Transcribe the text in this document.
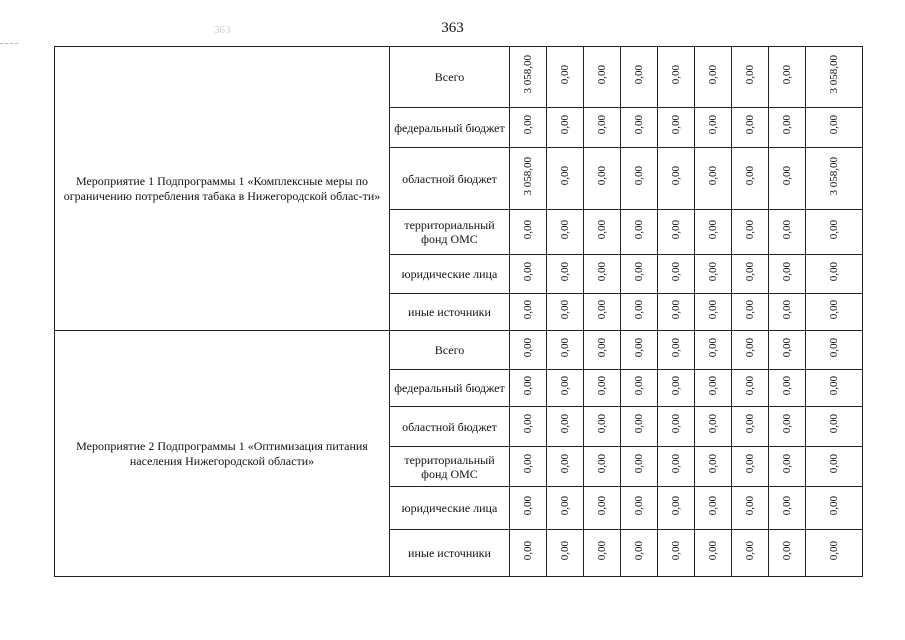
363
363
Мероприятие 1 Подпрограммы 1 «Комплексные меры по ограничению потребления табака в Нижегородской облас-ти»	Всего	3 058,00	0,00	0,00	0,00	0,00	0,00	0,00	0,00	3 058,00
	федеральный бюджет	0,00	0,00	0,00	0,00	0,00	0,00	0,00	0,00	0,00
	областной бюджет	3 058,00	0,00	0,00	0,00	0,00	0,00	0,00	0,00	3 058,00
	территориальный фонд ОМС	0,00	0,00	0,00	0,00	0,00	0,00	0,00	0,00	0,00
	юридические лица	0,00	0,00	0,00	0,00	0,00	0,00	0,00	0,00	0,00
	иные источники	0,00	0,00	0,00	0,00	0,00	0,00	0,00	0,00	0,00
Мероприятие 2 Подпрограммы 1 «Оптимизация питания населения Нижегородской области»	Всего	0,00	0,00	0,00	0,00	0,00	0,00	0,00	0,00	0,00
	федеральный бюджет	0,00	0,00	0,00	0,00	0,00	0,00	0,00	0,00	0,00
	областной бюджет	0,00	0,00	0,00	0,00	0,00	0,00	0,00	0,00	0,00
	территориальный фонд ОМС	0,00	0,00	0,00	0,00	0,00	0,00	0,00	0,00	0,00
	юридические лица	0,00	0,00	0,00	0,00	0,00	0,00	0,00	0,00	0,00
	иные источники	0,00	0,00	0,00	0,00	0,00	0,00	0,00	0,00	0,00
